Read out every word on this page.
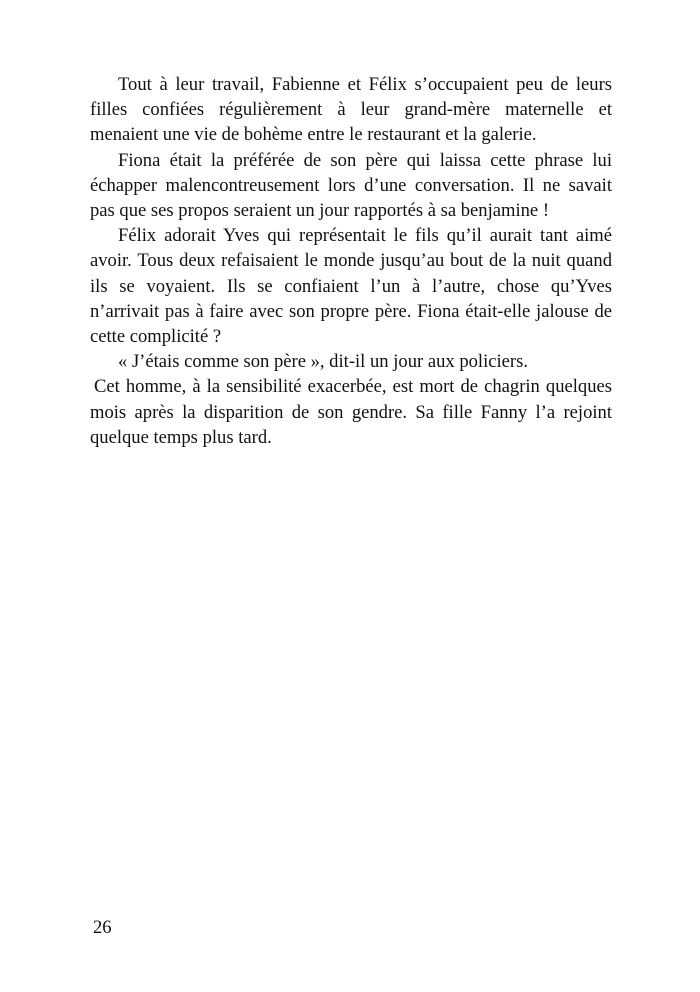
Tout à leur travail, Fabienne et Félix s’occupaient peu de leurs filles confiées régulièrement à leur grand-mère maternelle et menaient une vie de bohème entre le restaurant et la galerie.

Fiona était la préférée de son père qui laissa cette phrase lui échapper malencontreusement lors d’une conversation. Il ne savait pas que ses propos seraient un jour rapportés à sa benjamine !

Félix adorait Yves qui représentait le fils qu’il aurait tant aimé avoir. Tous deux refaisaient le monde jusqu’au bout de la nuit quand ils se voyaient. Ils se confiaient l’un à l’autre, chose qu’Yves n’arrivait pas à faire avec son propre père. Fiona était-elle jalouse de cette complicité ?

« J’étais comme son père », dit-il un jour aux policiers.

Cet homme, à la sensibilité exacerbée, est mort de chagrin quelques mois après la disparition de son gendre. Sa fille Fanny l’a rejoint quelque temps plus tard.

26
